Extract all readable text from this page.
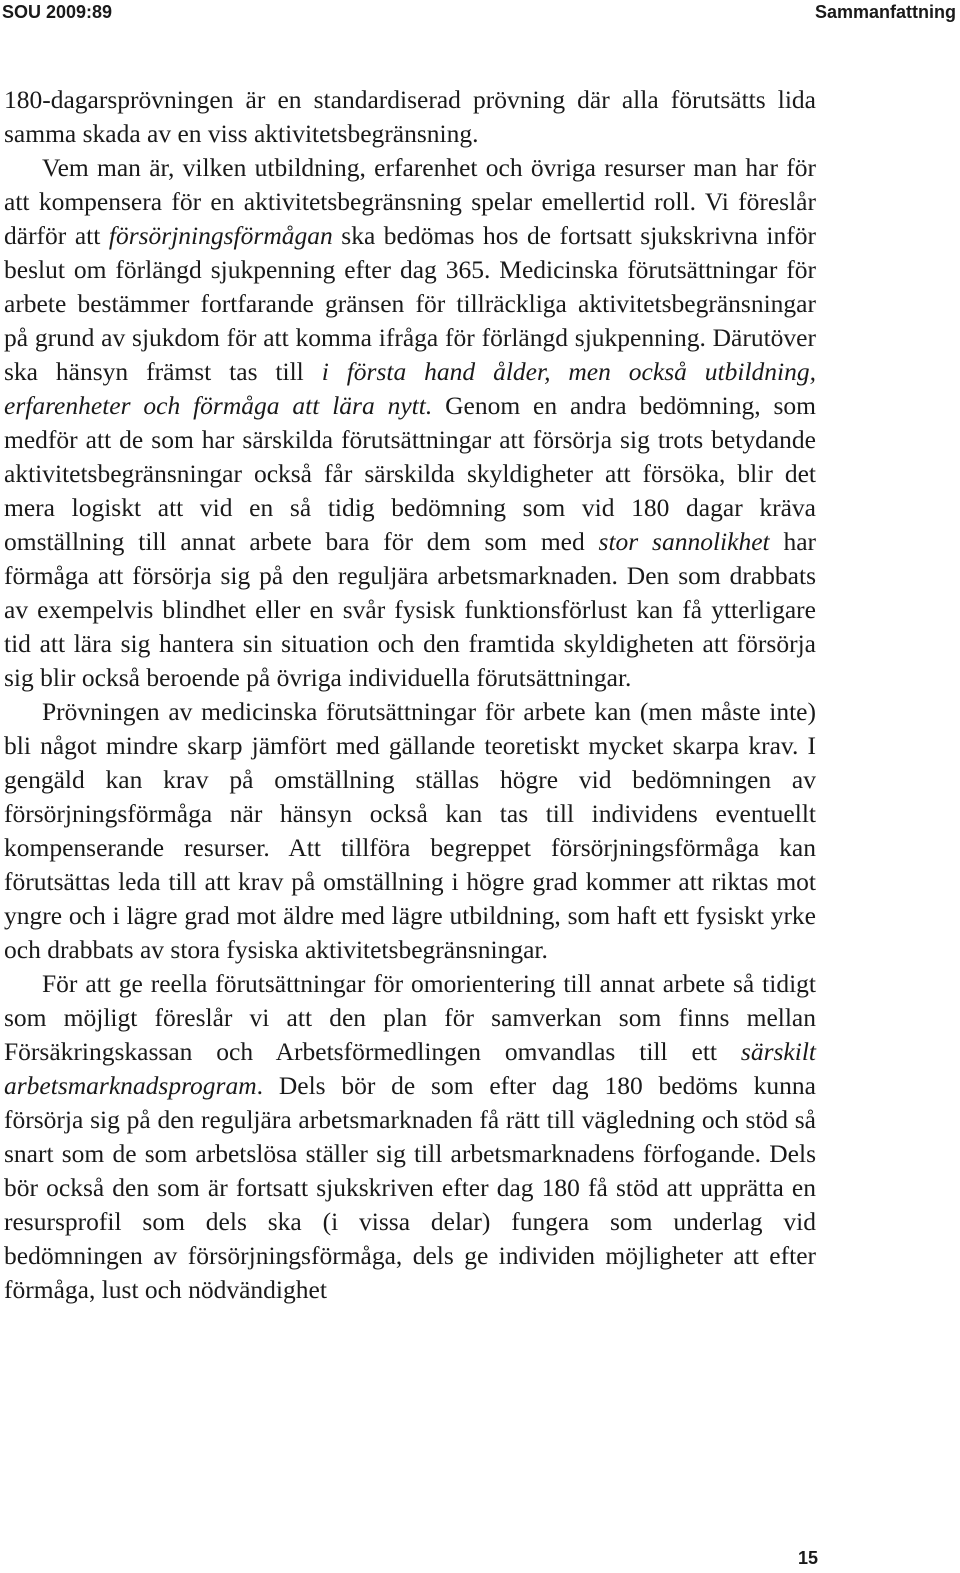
SOU 2009:89	Sammanfattning

180-dagarsprövningen är en standardiserad prövning där alla förutsätts lida samma skada av en viss aktivitetsbegränsning.

Vem man är, vilken utbildning, erfarenhet och övriga resurser man har för att kompensera för en aktivitetsbegränsning spelar emellertid roll. Vi föreslår därför att försörjningsförmågan ska bedömas hos de fortsatt sjukskrivna inför beslut om förlängd sjukpenning efter dag 365. Medicinska förutsättningar för arbete bestämmer fortfarande gränsen för tillräckliga aktivitetsbegränsningar på grund av sjukdom för att komma ifråga för förlängd sjukpenning. Därutöver ska hänsyn främst tas till i första hand ålder, men också utbildning, erfarenheter och förmåga att lära nytt. Genom en andra bedömning, som medför att de som har särskilda förutsättningar att försörja sig trots betydande aktivitetsbegränsningar också får särskilda skyldigheter att försöka, blir det mera logiskt att vid en så tidig bedömning som vid 180 dagar kräva omställning till annat arbete bara för dem som med stor sannolikhet har förmåga att försörja sig på den reguljära arbetsmarknaden. Den som drabbats av exempelvis blindhet eller en svår fysisk funktionsförlust kan få ytterligare tid att lära sig hantera sin situation och den framtida skyldigheten att försörja sig blir också beroende på övriga individuella förutsättningar.

Prövningen av medicinska förutsättningar för arbete kan (men måste inte) bli något mindre skarp jämfört med gällande teoretiskt mycket skarpa krav. I gengäld kan krav på omställning ställas högre vid bedömningen av försörjningsförmåga när hänsyn också kan tas till individens eventuellt kompenserande resurser. Att tillföra begreppet försörjningsförmåga kan förutsättas leda till att krav på omställning i högre grad kommer att riktas mot yngre och i lägre grad mot äldre med lägre utbildning, som haft ett fysiskt yrke och drabbats av stora fysiska aktivitetsbegränsningar.

För att ge reella förutsättningar för omorientering till annat arbete så tidigt som möjligt föreslår vi att den plan för samverkan som finns mellan Försäkringskassan och Arbetsförmedlingen omvandlas till ett särskilt arbetsmarknadsprogram. Dels bör de som efter dag 180 bedöms kunna försörja sig på den reguljära arbetsmarknaden få rätt till vägledning och stöd så snart som de som arbetslösa ställer sig till arbetsmarknadens förfogande. Dels bör också den som är fortsatt sjukskriven efter dag 180 få stöd att upprätta en resursprofil som dels ska (i vissa delar) fungera som underlag vid bedömningen av försörjningsförmåga, dels ge individen möjligheter att efter förmåga, lust och nödvändighet

15
